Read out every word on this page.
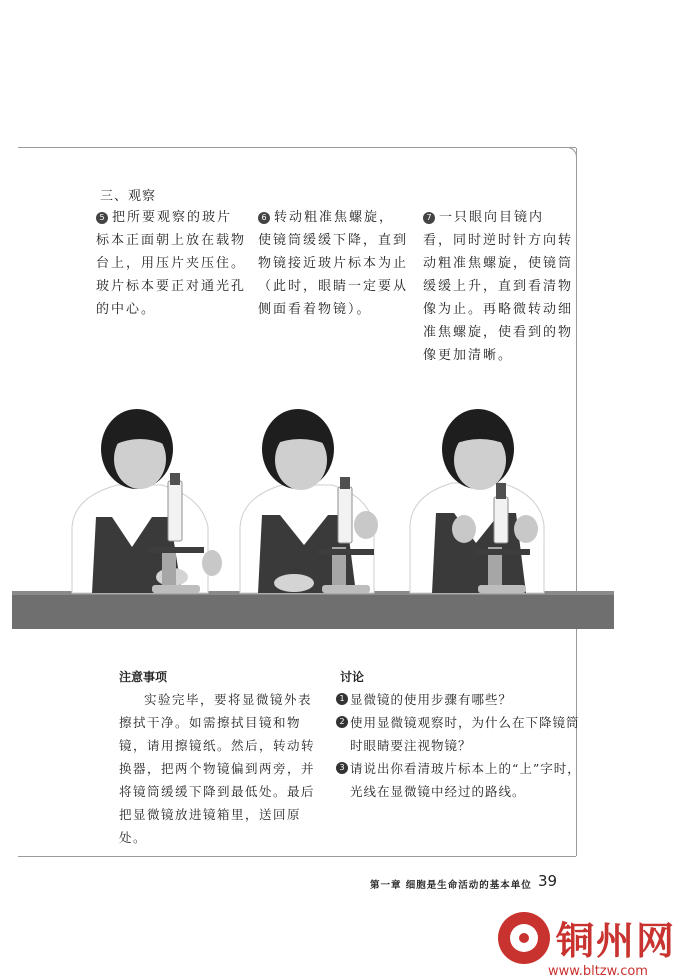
三、观察
5 把所要观察的玻片标本正面朝上放在载物台上，用压片夹压住。玻片标本要正对通光孔的中心。
6 转动粗准焦螺旋，使镜筒缓缓下降，直到物镜接近玻片标本为止（此时，眼睛一定要从侧面看着物镜）。
7 一只眼向目镜内看，同时逆时针方向转动粗准焦螺旋，使镜筒缓缓上升，直到看清物像为止。再略微转动细准焦螺旋，使看到的物像更加清晰。
注意事项
实验完毕，要将显微镜外表擦拭干净。如需擦拭目镜和物镜，请用擦镜纸。然后，转动转换器，把两个物镜偏到两旁，并将镜筒缓缓下降到最低处。最后把显微镜放进镜箱里，送回原处。
讨论
1 显微镜的使用步骤有哪些？
2 使用显微镜观察时，为什么在下降镜筒时眼睛要注视物镜？
3 请说出你看清玻片标本上的“上”字时，光线在显微镜中经过的路线。
第一章 细胞是生命活动的基本单位 39
铜州网
www.bltzw.com
